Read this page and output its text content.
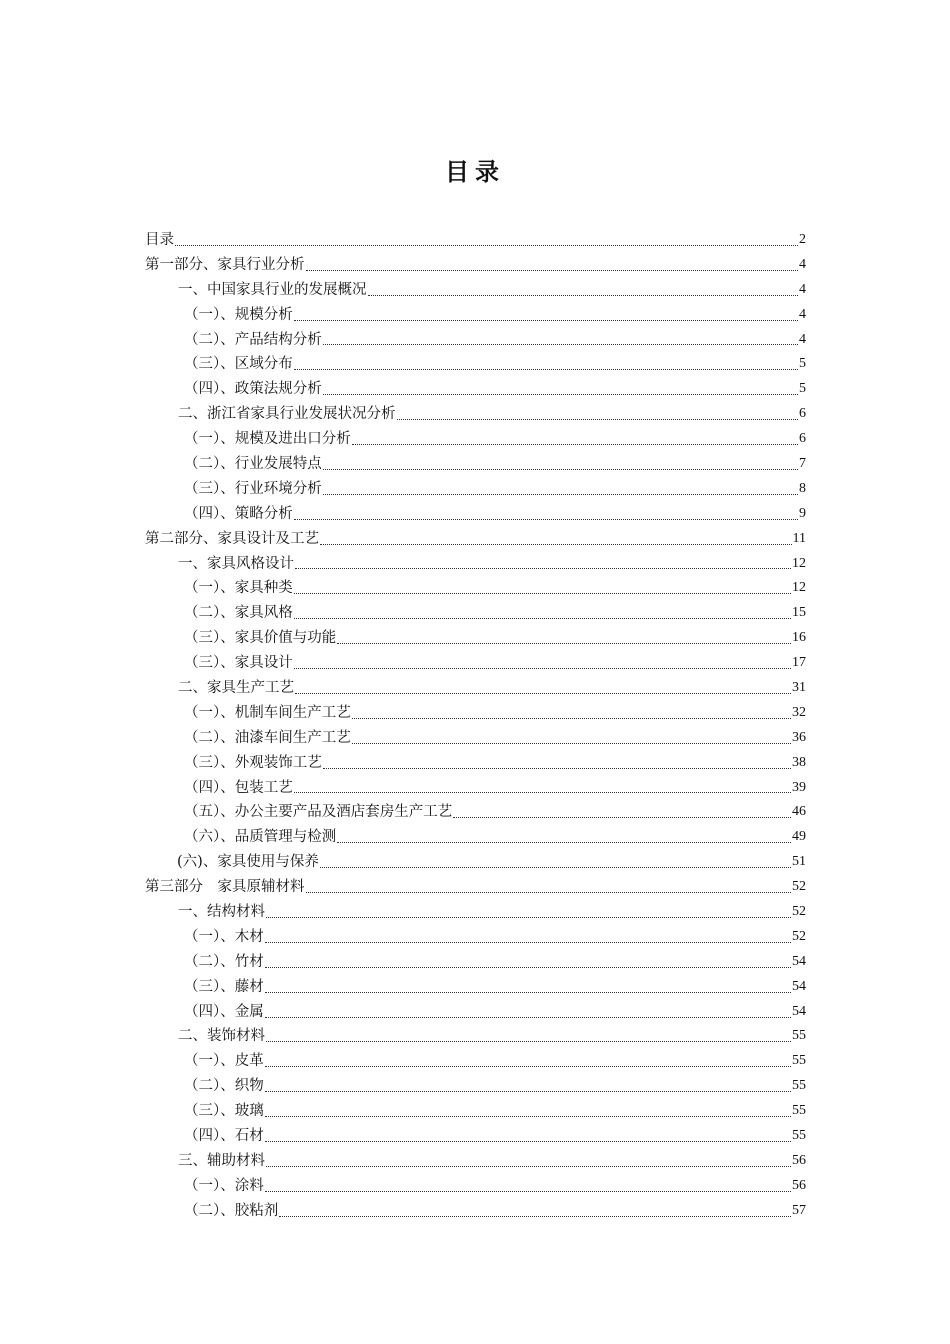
目录
目录	2
第一部分、家具行业分析	4
一、中国家具行业的发展概况	4
（一）、规模分析	4
（二）、产品结构分析	4
（三）、区域分布	5
（四）、政策法规分析	5
二、浙江省家具行业发展状况分析	6
（一）、规模及进出口分析	6
（二）、行业发展特点	7
（三）、行业环境分析	8
（四）、策略分析	9
第二部分、家具设计及工艺	11
一、家具风格设计	12
（一）、家具种类	12
（二）、家具风格	15
（三）、家具价值与功能	16
（三）、家具设计	17
二、家具生产工艺	31
（一）、机制车间生产工艺	32
（二）、油漆车间生产工艺	36
（三）、外观装饰工艺	38
（四）、包装工艺	39
（五）、办公主要产品及酒店套房生产工艺	46
（六）、品质管理与检测	49
(六)、家具使用与保养	51
第三部分　家具原辅材料	52
一、结构材料	52
（一）、木材	52
（二）、竹材	54
（三）、藤材	54
（四）、金属	54
二、装饰材料	55
（一）、皮革	55
（二）、织物	55
（三）、玻璃	55
（四）、石材	55
三、辅助材料	56
（一）、涂料	56
（二）、胶粘剂	57
